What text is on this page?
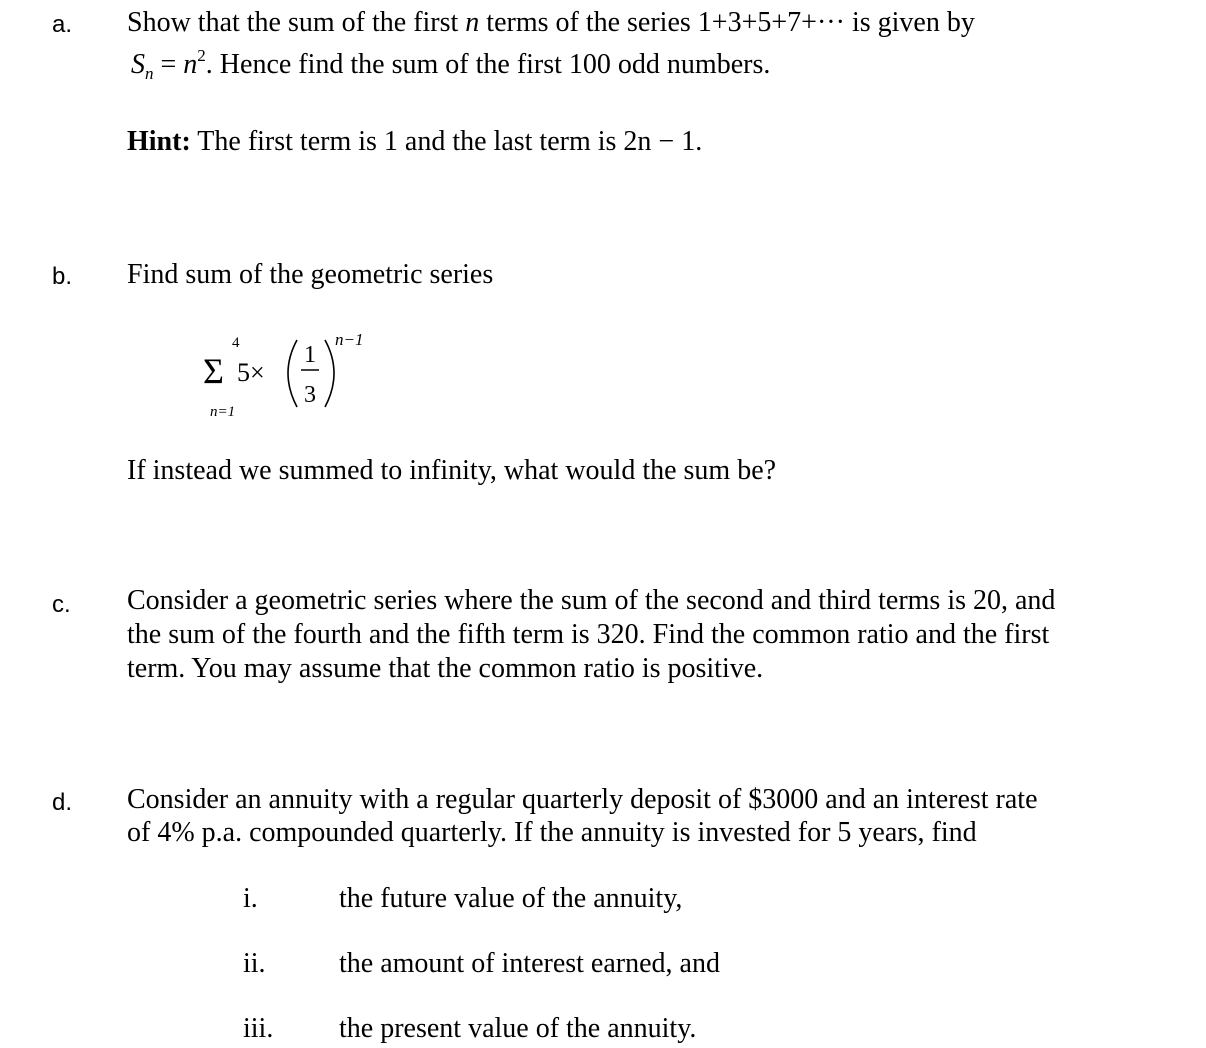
a. Show that the sum of the first n terms of the series 1+3+5+7+··· is given by
$S_n = n^2$. Hence find the sum of the first 100 odd numbers.
Hint: The first term is 1 and the last term is 2n − 1.
b. Find sum of the geometric series
4
Σ
n=1
5×
1
3
n−1
If instead we summed to infinity, what would the sum be?
c. Consider a geometric series where the sum of the second and third terms is 20, and
the sum of the fourth and the fifth term is 320. Find the common ratio and the first
term. You may assume that the common ratio is positive.
d. Consider an annuity with a regular quarterly deposit of $3000 and an interest rate
of 4% p.a. compounded quarterly. If the annuity is invested for 5 years, find
i.	the future value of the annuity,
ii.	the amount of interest earned, and
iii. the present value of the annuity.
